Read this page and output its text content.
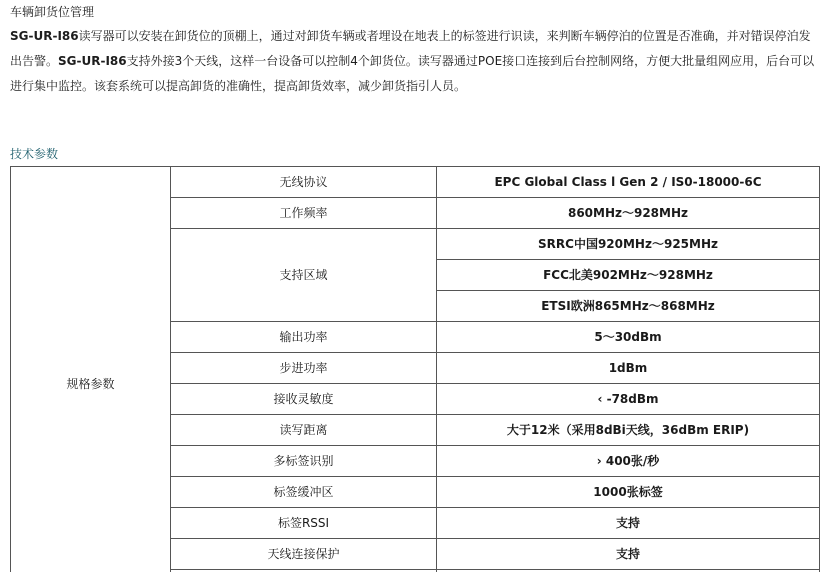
车辆卸货位管理
SG-UR-I86读写器可以安装在卸货位的顶棚上，通过对卸货车辆或者埋设在地表上的标签进行识读，来判断车辆停泊的位置是否准确，并对错误停泊发出告警。SG-UR-I86支持外接3个天线，这样一台设备可以控制4个卸货位。读写器通过POE接口连接到后台控制网络，方便大批量组网应用，后台可以进行集中监控。该套系统可以提高卸货的准确性，提高卸货效率，减少卸货指引人员。
技术参数
规格参数	无线协议	EPC Global Class l Gen 2 / IS0-18000-6C
	工作频率	860MHz～928MHz
	支持区域	SRRC中国920MHz～925MHz
		FCC北美902MHz～928MHz
		ETSI欧洲865MHz～868MHz
	输出功率	5～30dBm
	步进功率	1dBm
	接收灵敏度	‹ -78dBm
	读写距离	大于12米（采用8dBi天线，36dBm ERIP)
	多标签识别	› 400张/秒
	标签缓冲区	1000张标签
	标签RSSI	支持
	天线连接保护	支持
